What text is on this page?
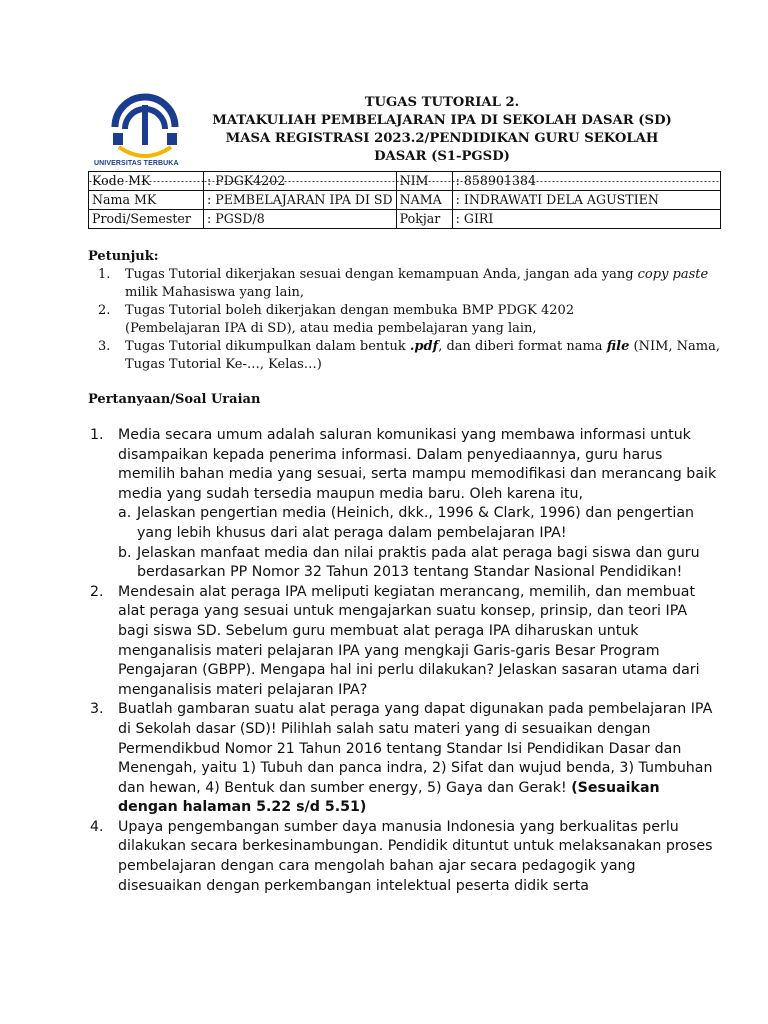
UNIVERSITAS TERBUKA
TUGAS TUTORIAL 2.
MATAKULIAH PEMBELAJARAN IPA DI SEKOLAH DASAR (SD)
MASA REGISTRASI 2023.2/PENDIDIKAN GURU SEKOLAH
DASAR (S1-PGSD)
Kode MK	: PDGK4202	NIM	: 858901384
Nama MK	: PEMBELAJARAN IPA DI SD	NAMA	: INDRAWATI DELA AGUSTIEN
Prodi/Semester	: PGSD/8	Pokjar	: GIRI
Petunjuk:
1. Tugas Tutorial dikerjakan sesuai dengan kemampuan Anda, jangan ada yang copy paste milik Mahasiswa yang lain,
2. Tugas Tutorial boleh dikerjakan dengan membuka BMP PDGK 4202
(Pembelajaran IPA di SD), atau media pembelajaran yang lain,
3. Tugas Tutorial dikumpulkan dalam bentuk .pdf, dan diberi format nama file (NIM, Nama, Tugas Tutorial Ke-…, Kelas…)
Pertanyaan/Soal Uraian
1. Media secara umum adalah saluran komunikasi yang membawa informasi untuk disampaikan kepada penerima informasi. Dalam penyediaannya, guru harus memilih bahan media yang sesuai, serta mampu memodifikasi dan merancang baik media yang sudah tersedia maupun media baru. Oleh karena itu,
a. Jelaskan pengertian media (Heinich, dkk., 1996 & Clark, 1996) dan pengertian yang lebih khusus dari alat peraga dalam pembelajaran IPA!
b. Jelaskan manfaat media dan nilai praktis pada alat peraga bagi siswa dan guru berdasarkan PP Nomor 32 Tahun 2013 tentang Standar Nasional Pendidikan!
2. Mendesain alat peraga IPA meliputi kegiatan merancang, memilih, dan membuat alat peraga yang sesuai untuk mengajarkan suatu konsep, prinsip, dan teori IPA bagi siswa SD. Sebelum guru membuat alat peraga IPA diharuskan untuk menganalisis materi pelajaran IPA yang mengkaji Garis-garis Besar Program Pengajaran (GBPP). Mengapa hal ini perlu dilakukan? Jelaskan sasaran utama dari menganalisis materi pelajaran IPA?
3. Buatlah gambaran suatu alat peraga yang dapat digunakan pada pembelajaran IPA di Sekolah dasar (SD)! Pilihlah salah satu materi yang di sesuaikan dengan Permendikbud Nomor 21 Tahun 2016 tentang Standar Isi Pendidikan Dasar dan Menengah, yaitu 1) Tubuh dan panca indra, 2) Sifat dan wujud benda, 3) Tumbuhan dan hewan, 4) Bentuk dan sumber energy, 5) Gaya dan Gerak! (Sesuaikan dengan halaman 5.22 s/d 5.51)
4. Upaya pengembangan sumber daya manusia Indonesia yang berkualitas perlu dilakukan secara berkesinambungan. Pendidik dituntut untuk melaksanakan proses pembelajaran dengan cara mengolah bahan ajar secara pedagogik yang disesuaikan dengan perkembangan intelektual peserta didik serta
